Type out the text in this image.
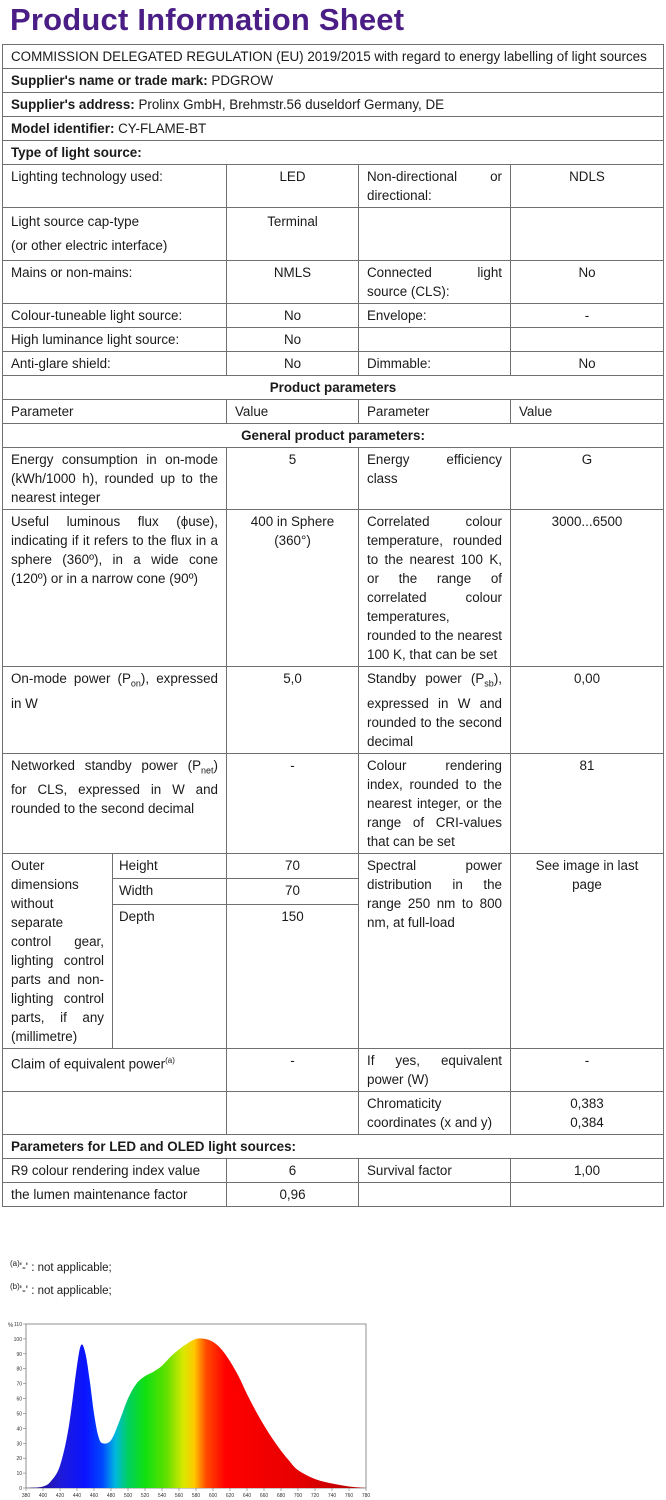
Product Information Sheet
COMMISSION DELEGATED REGULATION (EU) 2019/2015 with regard to energy labelling of light sources				
Supplier's name or trade mark: PDGROW				
Supplier's address: Prolinx GmbH, Brehmstr.56 duseldorf Germany, DE				
Model identifier: CY-FLAME-BT				
Type of light source:				
Lighting technology used:		LED	Non-directional or directional:	NDLS

Light source cap-type
(or other electric interface)		Terminal		
Mains or non-mains:		NMLS	Connected light source (CLS):	No
Colour-tuneable light source:		No	Envelope:	-
High luminance light source:		No		
Anti-glare shield:		No	Dimmable:	No
Product parameters				
Parameter		Value	Parameter	Value
General product parameters:				
Energy consumption in on-mode (kWh/1000 h), rounded up to the nearest integer		5	Energy efficiency class	G
Useful luminous flux (ϕuse), indicating if it refers to the flux in a sphere (360º), in a wide cone (120º) or in a narrow cone (90º)		400 in Sphere (360°)	Correlated colour temperature, rounded to the nearest 100 K, or the range of correlated colour temperatures, rounded to the nearest 100 K, that can be set	3000...6500
On-mode power $(P_{on})$, expressed in W		5,0	Standby power $(P_{sb})$, expressed in W and rounded to the second decimal	0,00
Networked standby power $(P_{net})$ for CLS, expressed in W and rounded to the second decimal		-	Colour rendering index, rounded to the nearest integer, or the range of CRI-values that can be set	81
Outer dimensions without separate control gear, lighting control parts and non-lighting control parts, if any (millimetre)	Height	70	Spectral power distribution in the range 250 nm to 800 nm, at full-load	See image in last page
	Width	70		
	Depth	150		
Claim of equivalent power$^{(a)}$		-	If yes, equivalent power (W)	-
			Chromaticity coordinates (x and y)	0,383
0,384

Parameters for LED and OLED light sources:				
R9 colour rendering index value		6	Survival factor	1,00
the lumen maintenance factor		0,96		
$^{(a)}$'-' : not applicable;
$^{(b)}$'-' : not applicable;
0
10
20
30
40
50
60
70
80
90
100
110
380 400 420 440 460 480 500 520 540 560 580 600 620 640 660 680 700 720 740 760 780
%
